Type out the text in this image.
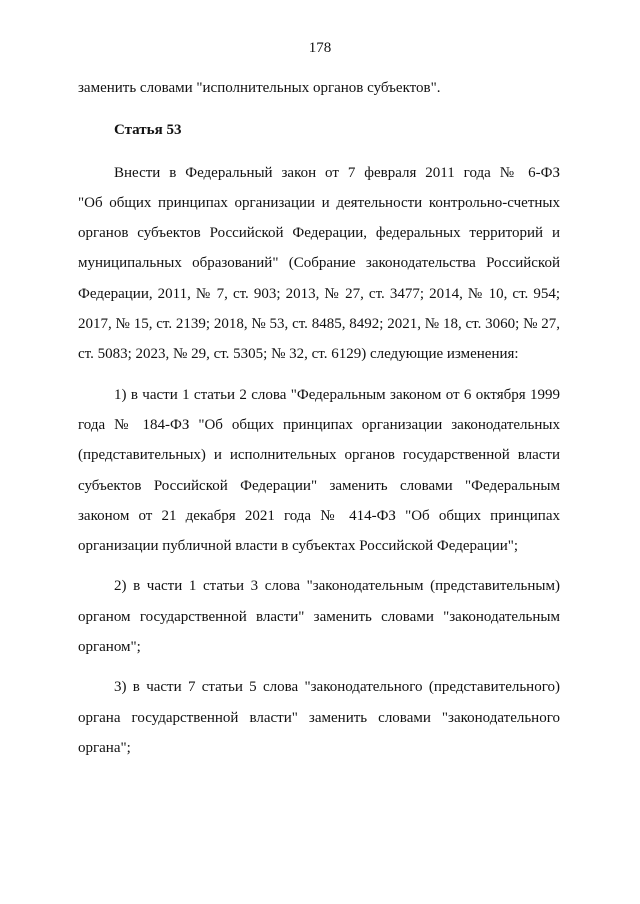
178
заменить словами "исполнительных органов субъектов".
Статья 53
Внести в Федеральный закон от 7 февраля 2011 года № 6-ФЗ
"Об общих принципах организации и деятельности контрольно-счетных
органов субъектов Российской Федерации, федеральных территорий и
муниципальных образований" (Собрание законодательства Российской
Федерации, 2011, № 7, ст. 903; 2013, № 27, ст. 3477; 2014, № 10, ст. 954;
2017, № 15, ст. 2139; 2018, № 53, ст. 8485, 8492; 2021, № 18, ст. 3060; № 27,
ст. 5083; 2023, № 29, ст. 5305; № 32, ст. 6129) следующие изменения:
1) в части 1 статьи 2 слова "Федеральным законом от 6 октября 1999
года № 184-ФЗ "Об общих принципах организации законодательных
(представительных) и исполнительных органов государственной власти
субъектов Российской Федерации" заменить словами "Федеральным
законом от 21 декабря 2021 года № 414-ФЗ "Об общих принципах
организации публичной власти в субъектах Российской Федерации";
2) в части 1 статьи 3 слова "законодательным (представительным)
органом государственной власти" заменить словами "законодательным
органом";
3) в части 7 статьи 5 слова "законодательного (представительного)
органа государственной власти" заменить словами "законодательного
органа";
